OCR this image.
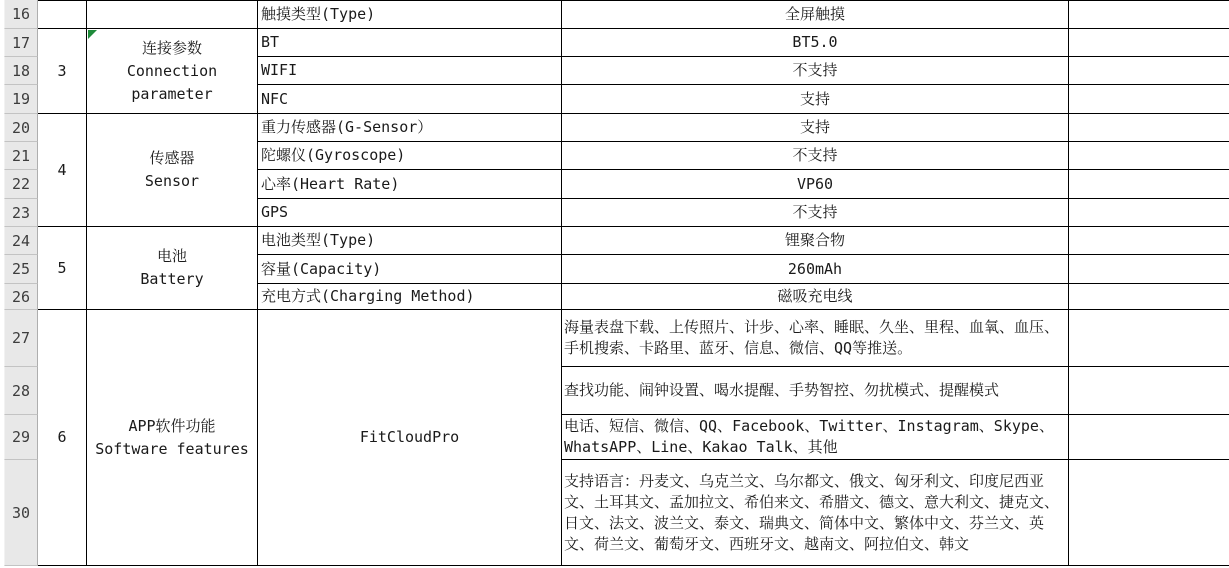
16
17
18
19
20
21
22
23
24
25
26
27
28
29
30
3
4
5
6
连接参数
Connection parameter
传感器
Sensor
电池
Battery
APP软件功能
Software features
触摸类型(Type)
BT
WIFI
NFC
重力传感器(G-Sensor）
陀螺仪(Gyroscope)
心率(Heart Rate)
GPS
电池类型(Type)
容量(Capacity)
充电方式(Charging Method)
FitCloudPro
全屏触摸
BT5.0
不支持
支持
支持
不支持
VP60
不支持
锂聚合物
260mAh
磁吸充电线
海量表盘下载、上传照片、计步、心率、睡眠、久坐、里程、血氧、血压、手机搜索、卡路里、蓝牙、信息、微信、QQ等推送。
查找功能、闹钟设置、喝水提醒、手势智控、勿扰模式、提醒模式
电话、短信、微信、QQ、Facebook、Twitter、Instagram、Skype、WhatsAPP、Line、Kakao Talk、其他
支持语言：丹麦文、乌克兰文、乌尔都文、俄文、匈牙利文、印度尼西亚文、土耳其文、孟加拉文、希伯来文、希腊文、德文、意大利文、捷克文、日文、法文、波兰文、泰文、瑞典文、简体中文、繁体中文、芬兰文、英文、荷兰文、葡萄牙文、西班牙文、越南文、阿拉伯文、韩文
